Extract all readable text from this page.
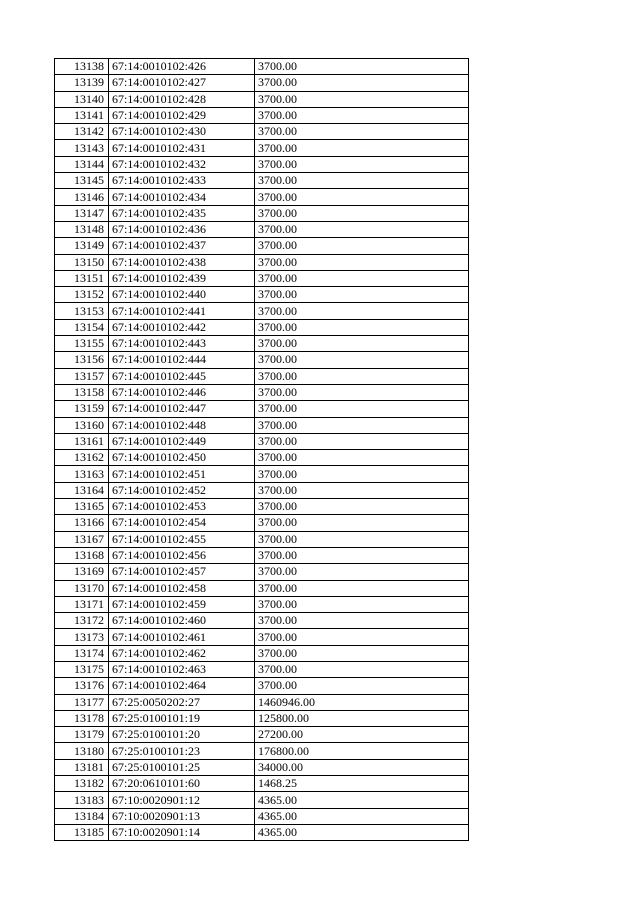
13138	67:14:0010102:426	3700.00
13139	67:14:0010102:427	3700.00
13140	67:14:0010102:428	3700.00
13141	67:14:0010102:429	3700.00
13142	67:14:0010102:430	3700.00
13143	67:14:0010102:431	3700.00
13144	67:14:0010102:432	3700.00
13145	67:14:0010102:433	3700.00
13146	67:14:0010102:434	3700.00
13147	67:14:0010102:435	3700.00
13148	67:14:0010102:436	3700.00
13149	67:14:0010102:437	3700.00
13150	67:14:0010102:438	3700.00
13151	67:14:0010102:439	3700.00
13152	67:14:0010102:440	3700.00
13153	67:14:0010102:441	3700.00
13154	67:14:0010102:442	3700.00
13155	67:14:0010102:443	3700.00
13156	67:14:0010102:444	3700.00
13157	67:14:0010102:445	3700.00
13158	67:14:0010102:446	3700.00
13159	67:14:0010102:447	3700.00
13160	67:14:0010102:448	3700.00
13161	67:14:0010102:449	3700.00
13162	67:14:0010102:450	3700.00
13163	67:14:0010102:451	3700.00
13164	67:14:0010102:452	3700.00
13165	67:14:0010102:453	3700.00
13166	67:14:0010102:454	3700.00
13167	67:14:0010102:455	3700.00
13168	67:14:0010102:456	3700.00
13169	67:14:0010102:457	3700.00
13170	67:14:0010102:458	3700.00
13171	67:14:0010102:459	3700.00
13172	67:14:0010102:460	3700.00
13173	67:14:0010102:461	3700.00
13174	67:14:0010102:462	3700.00
13175	67:14:0010102:463	3700.00
13176	67:14:0010102:464	3700.00
13177	67:25:0050202:27	1460946.00
13178	67:25:0100101:19	125800.00
13179	67:25:0100101:20	27200.00
13180	67:25:0100101:23	176800.00
13181	67:25:0100101:25	34000.00
13182	67:20:0610101:60	1468.25
13183	67:10:0020901:12	4365.00
13184	67:10:0020901:13	4365.00
13185	67:10:0020901:14	4365.00
